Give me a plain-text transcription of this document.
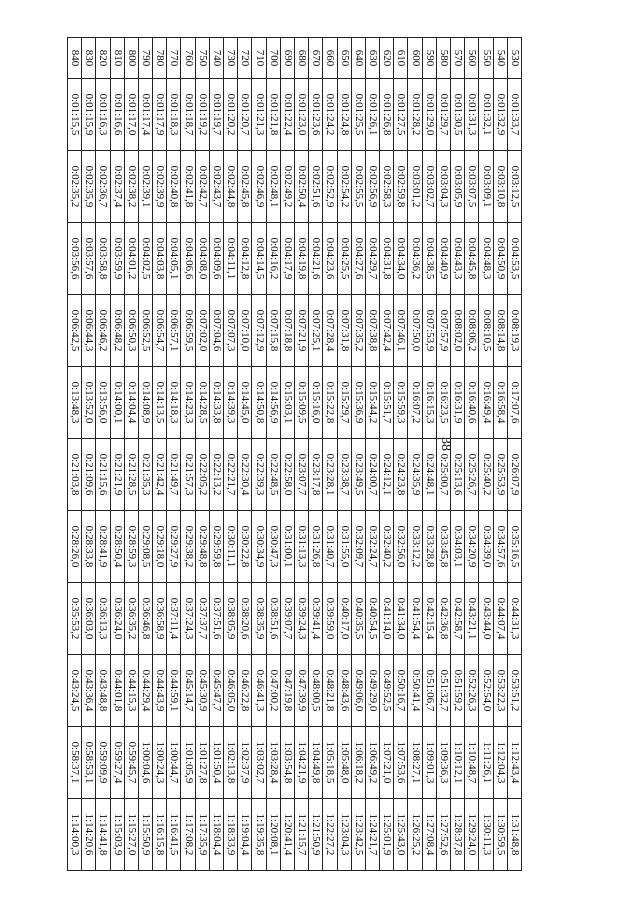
38
530	0:01:33,7	0:03:12,5	0:04:53,5	0:08:19,3	0:17:07,6	0:26:07,9	0:35:16,5	0:44:31,3	0:53:51,2	1:12:43,4	1:31:48,8
540	0:01:32,9	0:03:10,8	0:04:50,9	0:08:14,8	0:16:58,4	0:25:53,9	0:34:57,6	0:44:07,4	0:53:22,3	1:12:04,3	1:30:59,5
550	0:01:32,1	0:03:09,1	0:04:48,3	0:08:10,5	0:16:49,4	0:25:40,2	0:34:39,0	0:43:44,0	0:52:54,0	1:11:26,1	1:30:11,3
560	0:01:31,3	0:03:07,5	0:04:45,8	0:08:06,2	0:16:40,6	0:25:26,7	0:34:20,9	0:43:21,1	0:52:26,3	1:10:48,7	1:29:24,0
570	0:01:30,5	0:03:05,9	0:04:43,3	0:08:02,0	0:16:31,9	0:25:13,6	0:34:03,1	0:42:58,7	0:51:59,2	1:10:12,1	1:28:37,8
580	0:01:29,7	0:03:04,3	0:04:40,9	0:07:57,9	0:16:23,5	0:25:00,7	0:33:45,8	0:42:36,8	0:51:32,7	1:09:36,3	1:27:52,6
590	0:01:29,0	0:03:02,7	0:04:38,5	0:07:53,9	0:16:15,3	0:24:48,1	0:33:28,8	0:42:15,4	0:51:06,7	1:09:01,3	1:27:08,4
600	0:01:28,2	0:03:01,2	0:04:36,2	0:07:50,0	0:16:07,2	0:24:35,9	0:33:12,2	0:41:54,4	0:50:41,4	1:08:27,1	1:26:25,2
610	0:01:27,5	0:02:59,8	0:04:34,0	0:07:46,1	0:15:59,3	0:24:23,8	0:32:56,0	0:41:34,0	0:50:16,7	1:07:53,6	1:25:43,0
620	0:01:26,8	0:02:58,3	0:04:31,8	0:07:42,4	0:15:51,7	0:24:12,1	0:32:40,2	0:41:14,0	0:49:52,5	1:07:21,0	1:25:01,9
630	0:01:26,1	0:02:56,9	0:04:29,7	0:07:38,8	0:15:44,2	0:24:00,7	0:32:24,7	0:40:54,5	0:49:29,0	1:06:49,2	1:24:21,7
640	0:01:25,5	0:02:55,5	0:04:27,6	0:07:35,2	0:15:36,9	0:23:49,5	0:32:09,7	0:40:35,5	0:49:06,0	1:06:18,2	1:23:42,5
650	0:01:24,8	0:02:54,2	0:04:25,5	0:07:31,8	0:15:29,7	0:23:38,7	0:31:55,0	0:40:17,0	0:48:43,6	1:05:48,0	1:23:04,3
660	0:01:24,2	0:02:52,9	0:04:23,6	0:07:28,4	0:15:22,8	0:23:28,1	0:31:40,7	0:39:59,0	0:48:21,8	1:05:18,5	1:22:27,2
670	0:01:23,6	0:02:51,6	0:04:21,6	0:07:25,1	0:15:16,0	0:23:17,8	0:31:26,8	0:39:41,4	0:48:00,5	1:04:49,8	1:21:50,9
680	0:01:23,0	0:02:50,4	0:04:19,8	0:07:21,9	0:15:09,5	0:23:07,7	0:31:13,3	0:39:24,3	0:47:39,9	1:04:21,9	1:21:15,7
690	0:01:22,4	0:02:49,2	0:04:17,9	0:07:18,8	0:15:03,1	0:22:58,0	0:31:00,1	0:39:07,7	0:47:19,8	1:03:54,8	1:20:41,4
700	0:01:21,8	0:02:48,1	0:04:16,2	0:07:15,8	0:14:56,9	0:22:48,5	0:30:47,3	0:38:51,6	0:47:00,2	1:03:28,4	1:20:08,1
710	0:01:21,3	0:02:46,9	0:04:14,5	0:07:12,9	0:14:50,8	0:22:39,3	0:30:34,9	0:38:35,9	0:46:41,3	1:03:02,7	1:19:35,8
720	0:01:20,7	0:02:45,8	0:04:12,8	0:07:10,0	0:14:45,0	0:22:30,4	0:30:22,8	0:38:20,6	0:46:22,8	1:02:37,9	1:19:04,4
730	0:01:20,2	0:02:44,8	0:04:11,1	0:07:07,3	0:14:39,3	0:22:21,7	0:30:11,1	0:38:05,9	0:46:05,0	1:02:13,8	1:18:33,9
740	0:01:19,7	0:02:43,7	0:04:09,6	0:07:04,6	0:14:33,8	0:22:13,2	0:29:59,8	0:37:51,6	0:45:47,7	1:01:50,4	1:18:04,4
750	0:01:19,2	0:02:42,7	0:04:08,0	0:07:02,0	0:14:28,5	0:22:05,2	0:29:48,8	0:37:37,7	0:45:30,9	1:01:27,8	1:17:35,9
760	0:01:18,7	0:02:41,8	0:04:06,6	0:06:59,5	0:14:23,3	0:21:57,3	0:29:38,2	0:37:24,3	0:45:14,7	1:01:05,9	1:17:08,2
770	0:01:18,3	0:02:40,8	0:04:05,1	0:06:57,1	0:14:18,3	0:21:49,7	0:29:27,9	0:37:11,4	0:44:59,1	1:00:44,7	1:16:41,5
780	0:01:17,9	0:02:39,9	0:04:03,8	0:06:54,7	0:14:13,5	0:21:42,4	0:29:18,0	0:36:58,9	0:44:43,9	1:00:24,3	1:16:15,8
790	0:01:17,4	0:02:39,1	0:04:02,5	0:06:52,5	0:14:08,9	0:21:35,3	0:29:08,5	0:36:46,8	0:44:29,4	1:00:04,6	1:15:50,9
800	0:01:17,0	0:02:38,2	0:04:01,2	0:06:50,3	0:14:04,4	0:21:28,5	0:28:59,3	0:36:35,2	0:44:15,3	0:59:45,7	1:15:27,0
810	0:01:16,6	0:02:37,4	0:03:59,9	0:06:48,2	0:14:00,1	0:21:21,9	0:28:50,4	0:36:24,0	0:44:01,8	0:59:27,4	1:15:03,9
820	0:01:16,3	0:02:36,7	0:03:58,8	0:06:46,2	0:13:56,0	0:21:15,6	0:28:41,9	0:36:13,3	0:43:48,8	0:59:09,9	1:14:41,8
830	0:01:15,9	0:02:35,9	0:03:57,6	0:06:44,3	0:13:52,0	0:21:09,6	0:28:33,8	0:36:03,0	0:43:36,4	0:58:53,1	1:14:20,6
840	0:01:15,5	0:02:35,2	0:03:56,6	0:06:42,5	0:13:48,3	0:21:03,8	0:28:26,0	0:35:53,2	0:43:24,5	0:58:37,1	1:14:00,3
